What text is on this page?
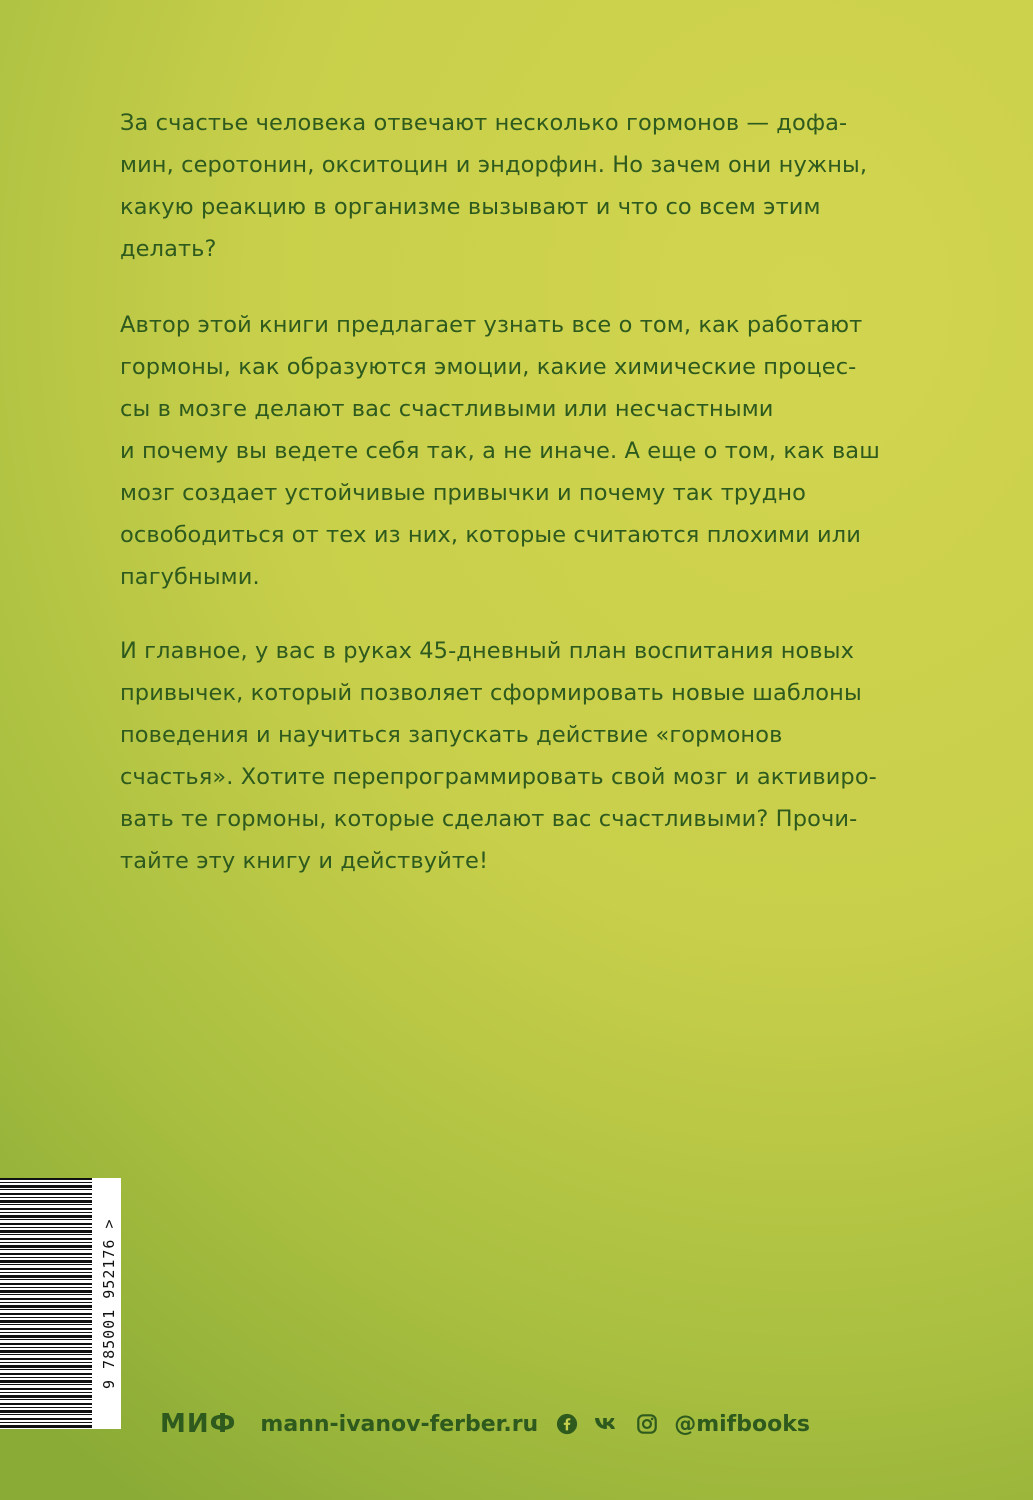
За счастье человека отвечают несколько гормонов — дофа-
мин, серотонин, окситоцин и эндорфин. Но зачем они нужны,
какую реакцию в организме вызывают и что со всем этим
делать?

Автор этой книги предлагает узнать все о том, как работают
гормоны, как образуются эмоции, какие химические процес-
сы в мозге делают вас счастливыми или несчастными
и почему вы ведете себя так, а не иначе. А еще о том, как ваш
мозг создает устойчивые привычки и почему так трудно
освободиться от тех из них, которые считаются плохими или
пагубными.

И главное, у вас в руках 45-дневный план воспитания новых
привычек, который позволяет сформировать новые шаблоны
поведения и научиться запускать действие «гормонов
счастья». Хотите перепрограммировать свой мозг и активиро-
вать те гормоны, которые сделают вас счастливыми? Прочи-
тайте эту книгу и действуйте!

9 785001 952176 >
МИФ mann-ivanov-ferber.ru	@mifbooks
